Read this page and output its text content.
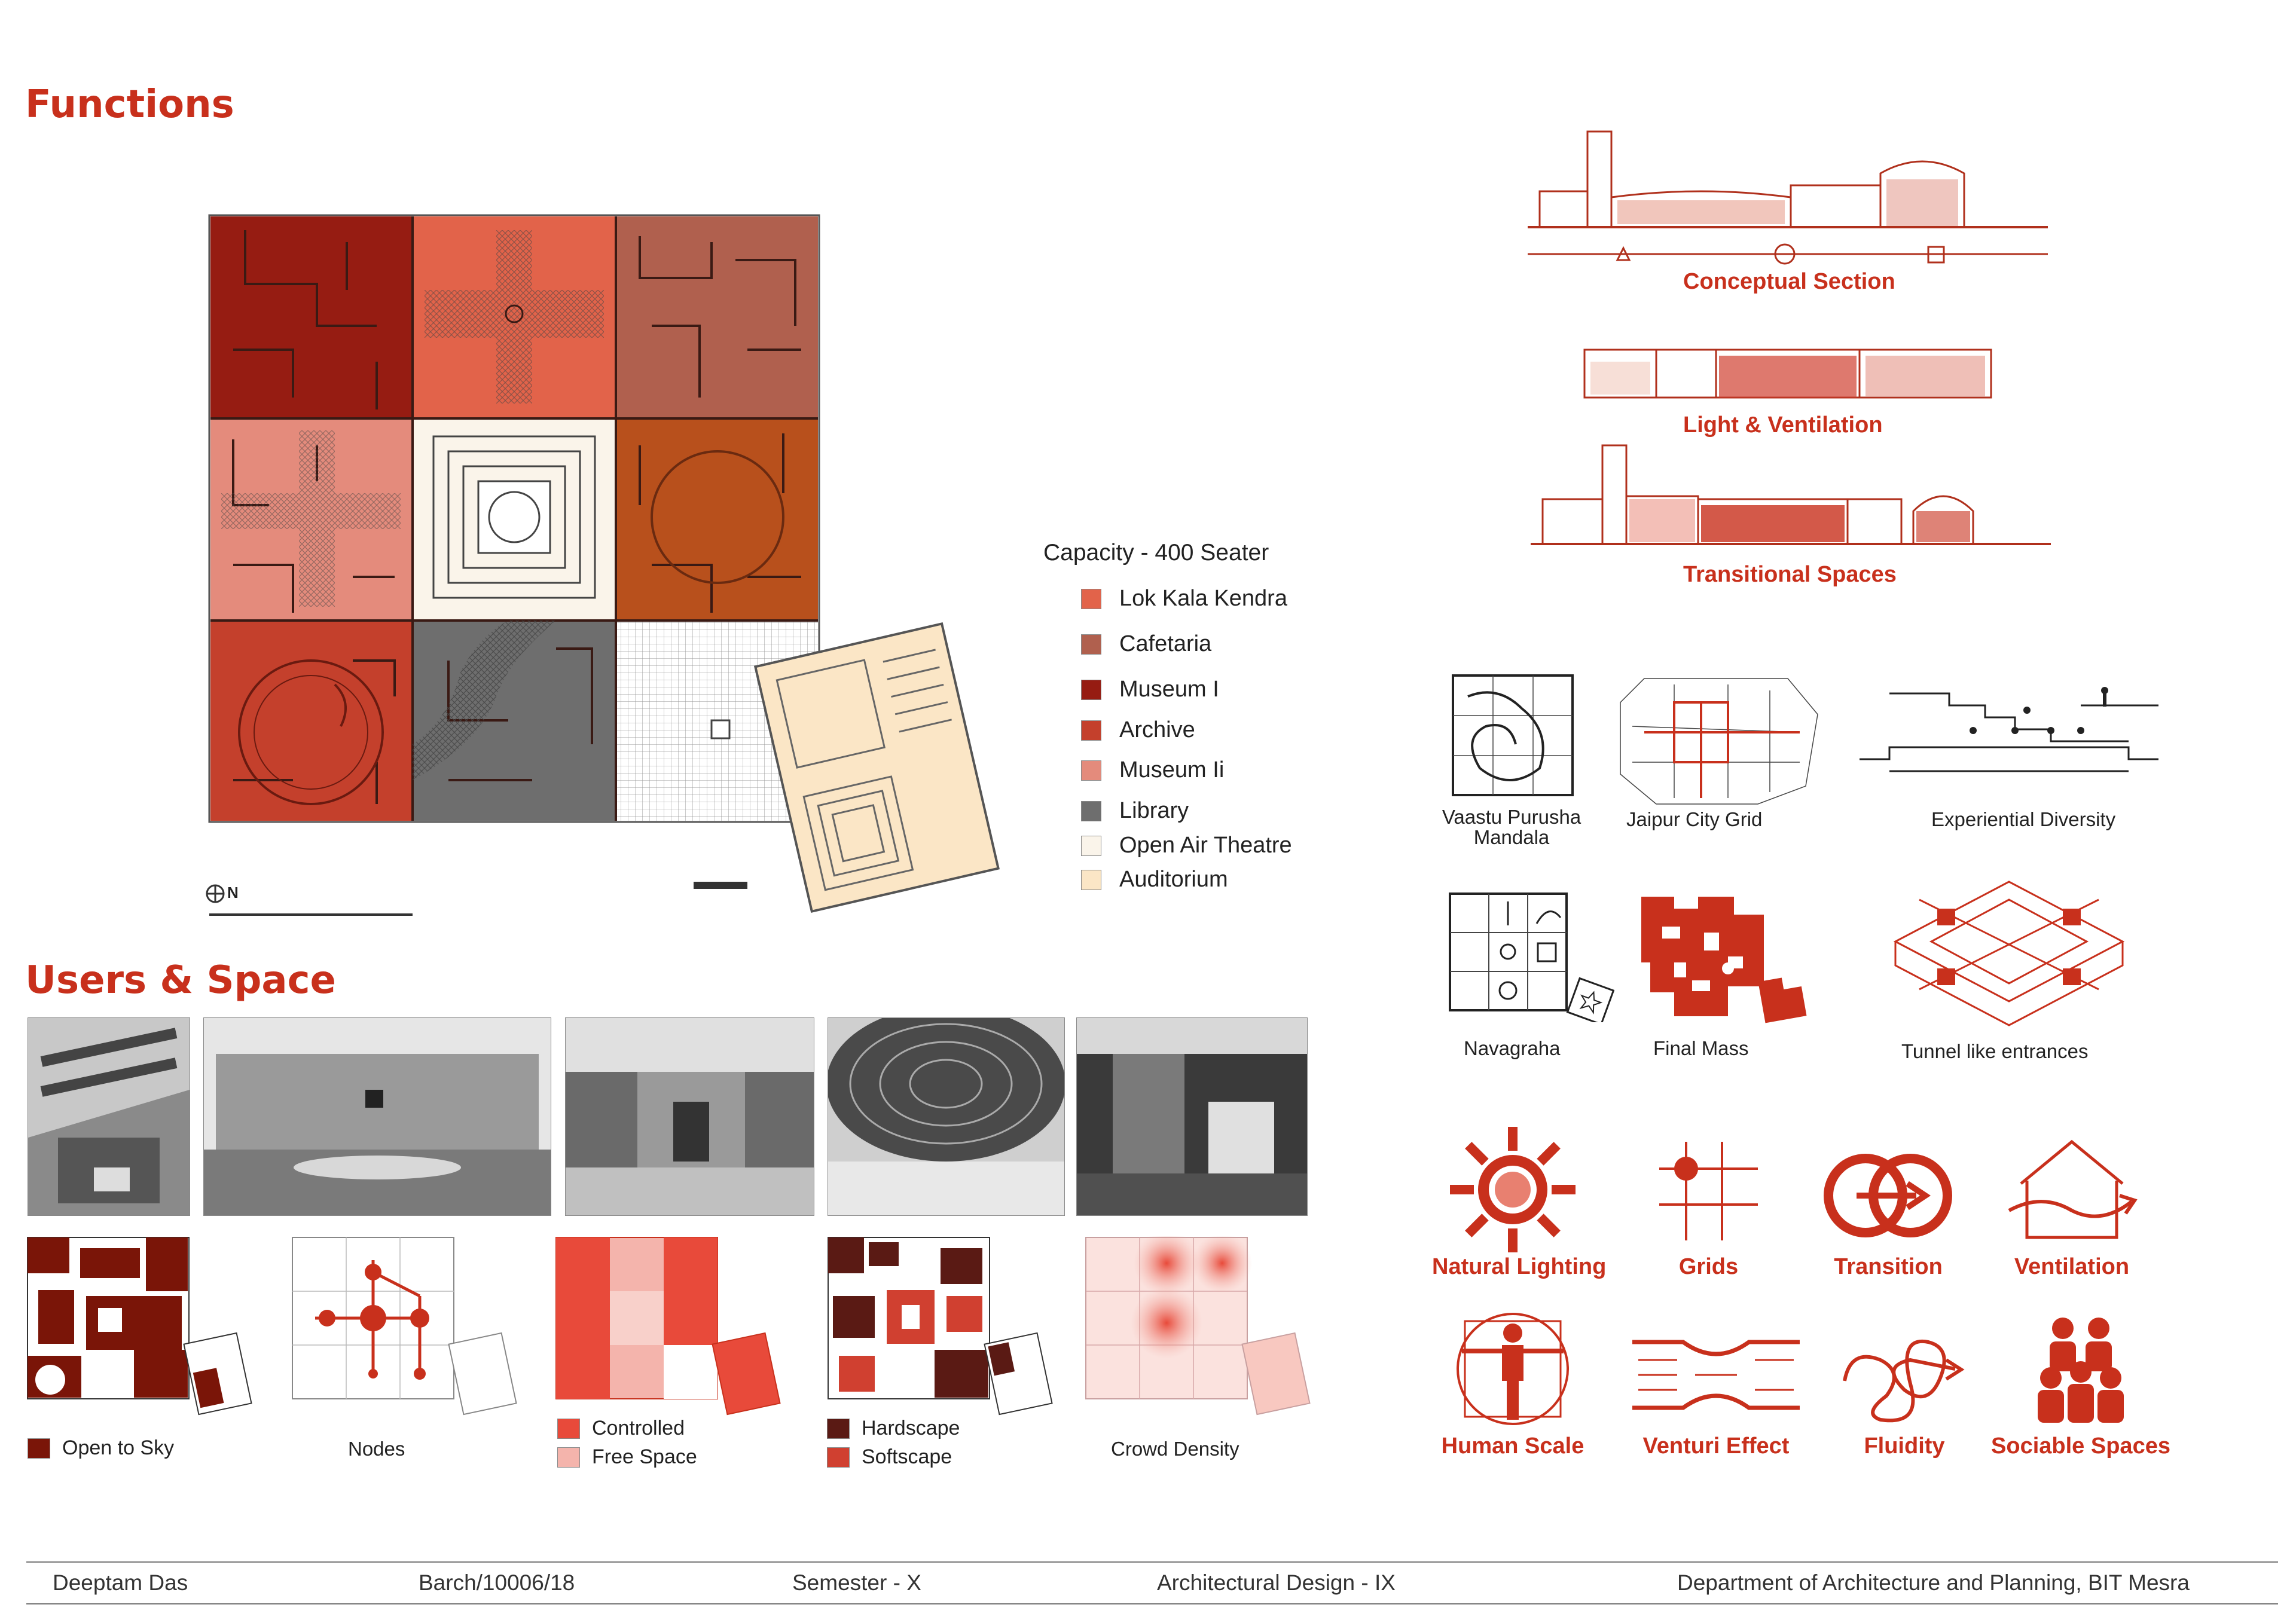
Functions
Users & Space
N
Capacity - 400 Seater
Lok Kala Kendra
Cafetaria
Museum I
Archive
Museum Ii
Library
Open Air Theatre
Auditorium
Conceptual Section
Light & Ventilation
Transitional Spaces
Vaastu Purusha
Mandala
Jaipur City Grid	Experiential Diversity
Navagraha	Final Mass	Tunnel like entrances
Natural Lighting	Grids	Transition	Ventilation
Human Scale	Venturi Effect	Fluidity	Sociable Spaces
Open to Sky	Nodes
Controlled
Free Space
Hardscape
Softscape	Crowd Density
Deeptam Das	Barch/10006/18	Semester - X	Architectural Design - IX	Department of Architecture and Planning, BIT Mesra
